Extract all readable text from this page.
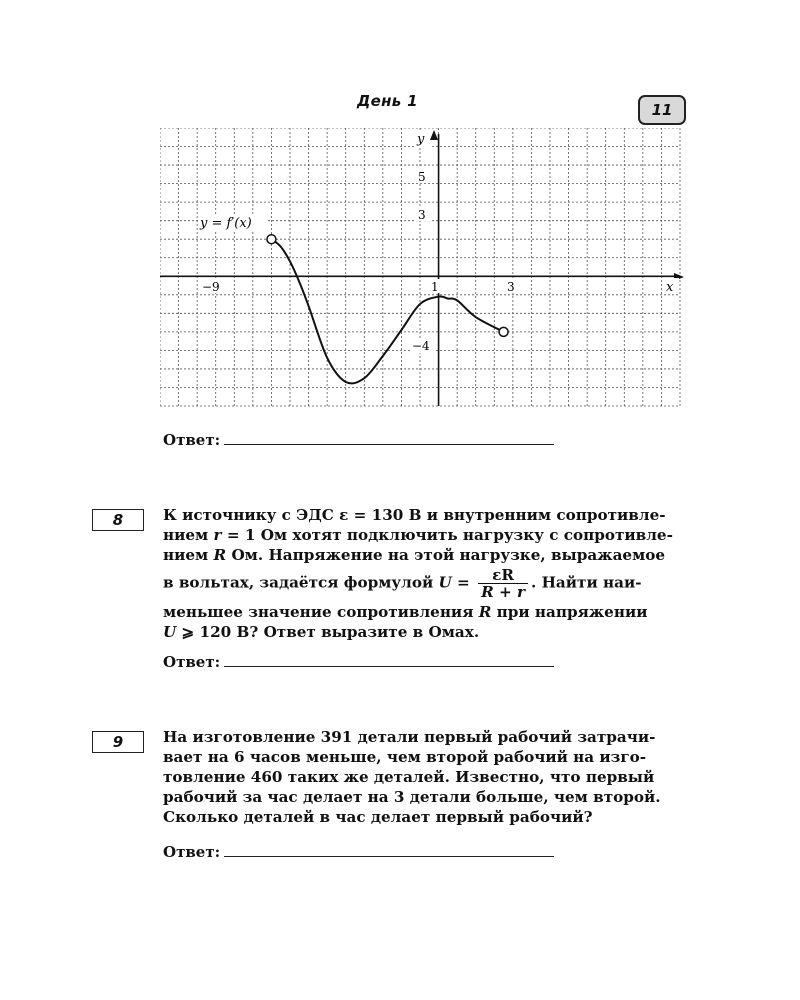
День 1	11
y = f′(x)
−9	1	3
5
3
−4
x
y
Ответ:
8	К источнику с ЭДС ε = 130 В и внутренним сопротивле-
нием r = 1 Ом хотят подключить нагрузку с сопротивле-
нием R Ом. Напряжение на этой нагрузке, выражаемое
в вольтах, задаётся формулой $U = \frac{\varepsilon R}{R + r}$ . Найти наи-
меньшее значение сопротивления R при напряжении
U ⩾ 120 В? Ответ выразите в Омах.
Ответ:
9	На изготовление 391 детали первый рабочий затрачи-
вает на 6 часов меньше, чем второй рабочий на изго-
товление 460 таких же деталей. Известно, что первый
рабочий за час делает на 3 детали больше, чем второй.
Сколько деталей в час делает первый рабочий?
Ответ:
